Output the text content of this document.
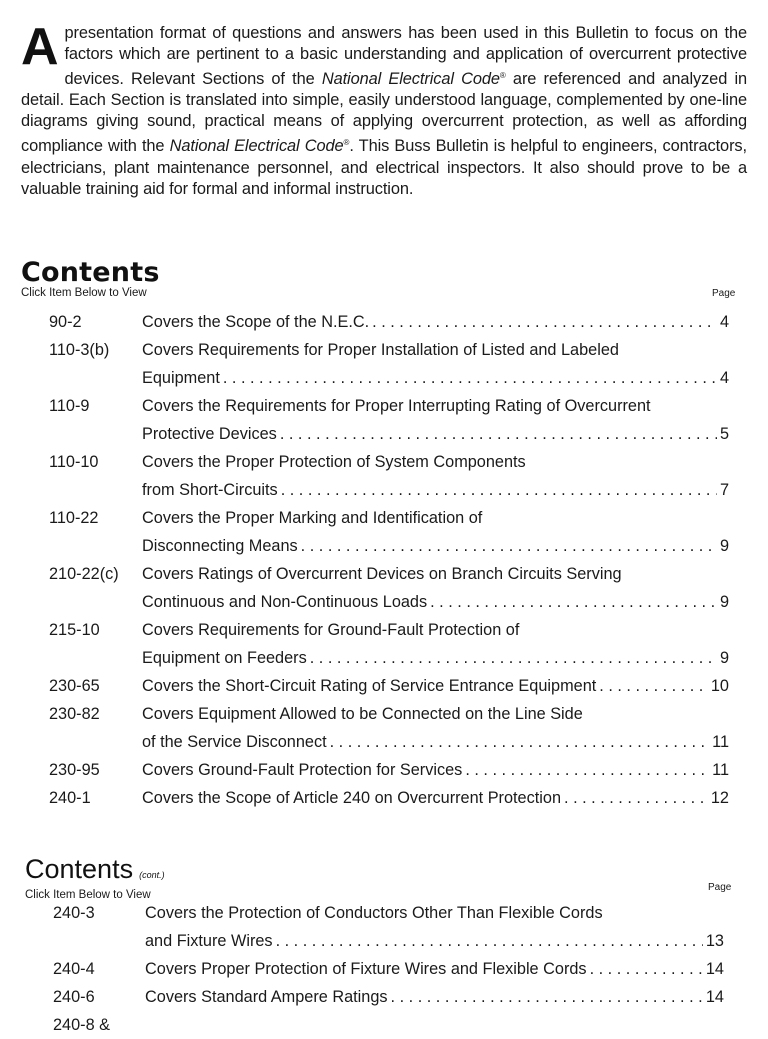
A presentation format of questions and answers has been used in this Bulletin to focus on the factors which are pertinent to a basic understanding and application of overcurrent protective devices. Relevant Sections of the National Electrical Code® are referenced and analyzed in detail. Each Section is translated into simple, easily understood language, complemented by one-line diagrams giving sound, practical means of applying overcurrent protection, as well as affording compliance with the National Electrical Code®. This Buss Bulletin is helpful to engineers, contractors, electricians, plant maintenance personnel, and electrical inspectors. It also should prove to be a valuable training aid for formal and informal instruction.
Contents
Click Item Below to View	Page
90-2	Covers the Scope of the N.E.C. . . .	4
110-3(b) Covers Requirements for Proper Installation of Listed and Labeled
Equipment . . .	4
110-9	Covers the Requirements for Proper Interrupting Rating of Overcurrent
Protective Devices . . .	5
110-10	Covers the Proper Protection of System Components
from Short-Circuits . . .	7
110-22	Covers the Proper Marking and Identification of
Disconnecting Means . . .	9
210-22(c) Covers Ratings of Overcurrent Devices on Branch Circuits Serving
Continuous and Non-Continuous Loads . . .	9
215-10	Covers Requirements for Ground-Fault Protection of
Equipment on Feeders . . .	9
230-65	Covers the Short-Circuit Rating of Service Entrance Equipment . . .	10
230-82	Covers Equipment Allowed to be Connected on the Line Side
of the Service Disconnect . . .	11
230-95	Covers Ground-Fault Protection for Services . . .	11
240-1	Covers the Scope of Article 240 on Overcurrent Protection . . .	12
Contents (cont.)
Click Item Below to View
Page
240-3	Covers the Protection of Conductors Other Than Flexible Cords
and Fixture Wires . . .	13
240-4	Covers Proper Protection of Fixture Wires and Flexible Cords . . .	14
240-6	Covers Standard Ampere Ratings . . .	14
240-8 &
